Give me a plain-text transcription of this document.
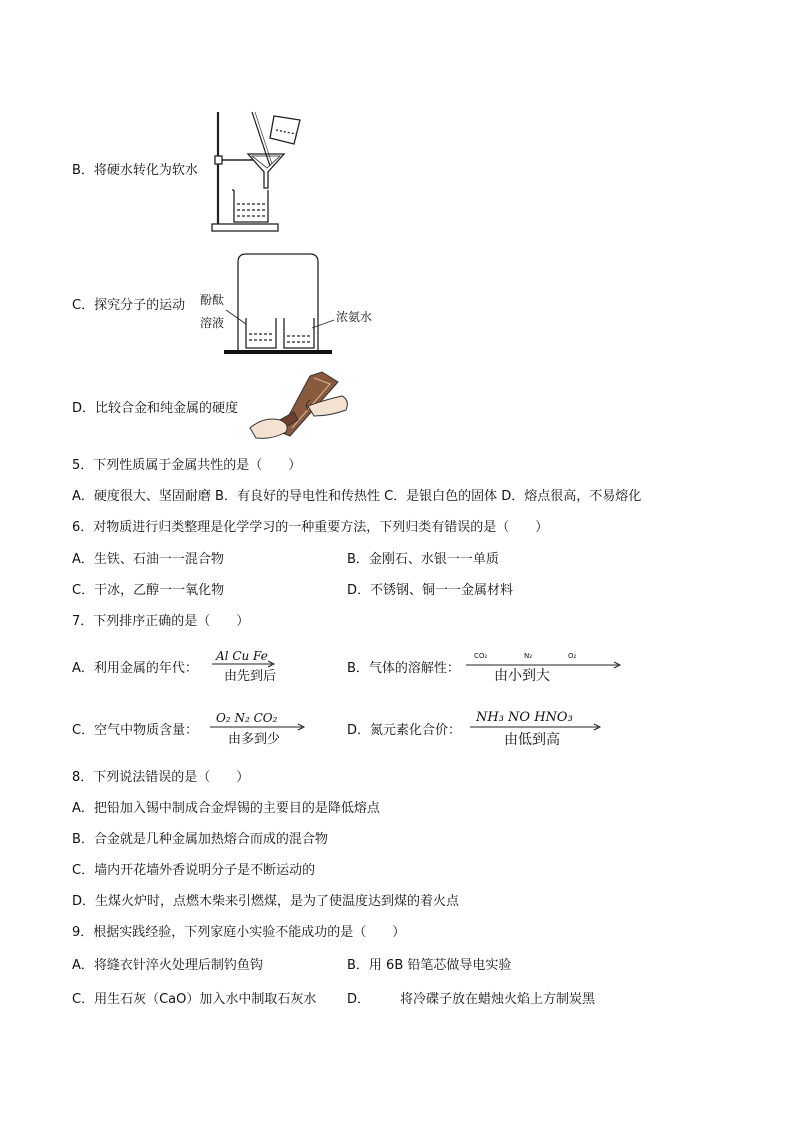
B．将硬水转化为软水
C．探究分子的运动 酚酞
溶液	浓氨水
D．比较合金和纯金属的硬度
5．下列性质属于金属共性的是（　　）
A．硬度很大、坚固耐磨 B．有良好的导电性和传热性 C．是银白色的固体 D．熔点很高，不易熔化
6．对物质进行归类整理是化学学习的一种重要方法，下列归类有错误的是（　　）
A．生铁、石油一一混合物	B．金刚石、水银一一单质
C．干冰，乙醇一一氧化物	D．不锈钢、铜一一金属材料
7．下列排序正确的是（　　）
A．利用金属的年代：
Al Cu Fe
由先到后
B．气体的溶解性：
CO₂	N₂	O₂
由小到大
C．空气中物质含量：
O₂ N₂ CO₂
由多到少
D．氮元素化合价：
NH₃ NO HNO₃
由低到高
8．下列说法错误的是（　　）
A．把铅加入锡中制成合金焊锡的主要目的是降低熔点
B．合金就是几种金属加热熔合而成的混合物
C．墙内开花墙外香说明分子是不断运动的
D．生煤火炉时，点燃木柴来引燃煤，是为了使温度达到煤的着火点
9．根据实践经验，下列家庭小实验不能成功的是（　　）
A．将缝衣针淬火处理后制钓鱼钩	B．用 6B 铅笔芯做导电实验
C．用生石灰（CaO）加入水中制取石灰水 D． 将冷碟子放在蜡烛火焰上方制炭黑
